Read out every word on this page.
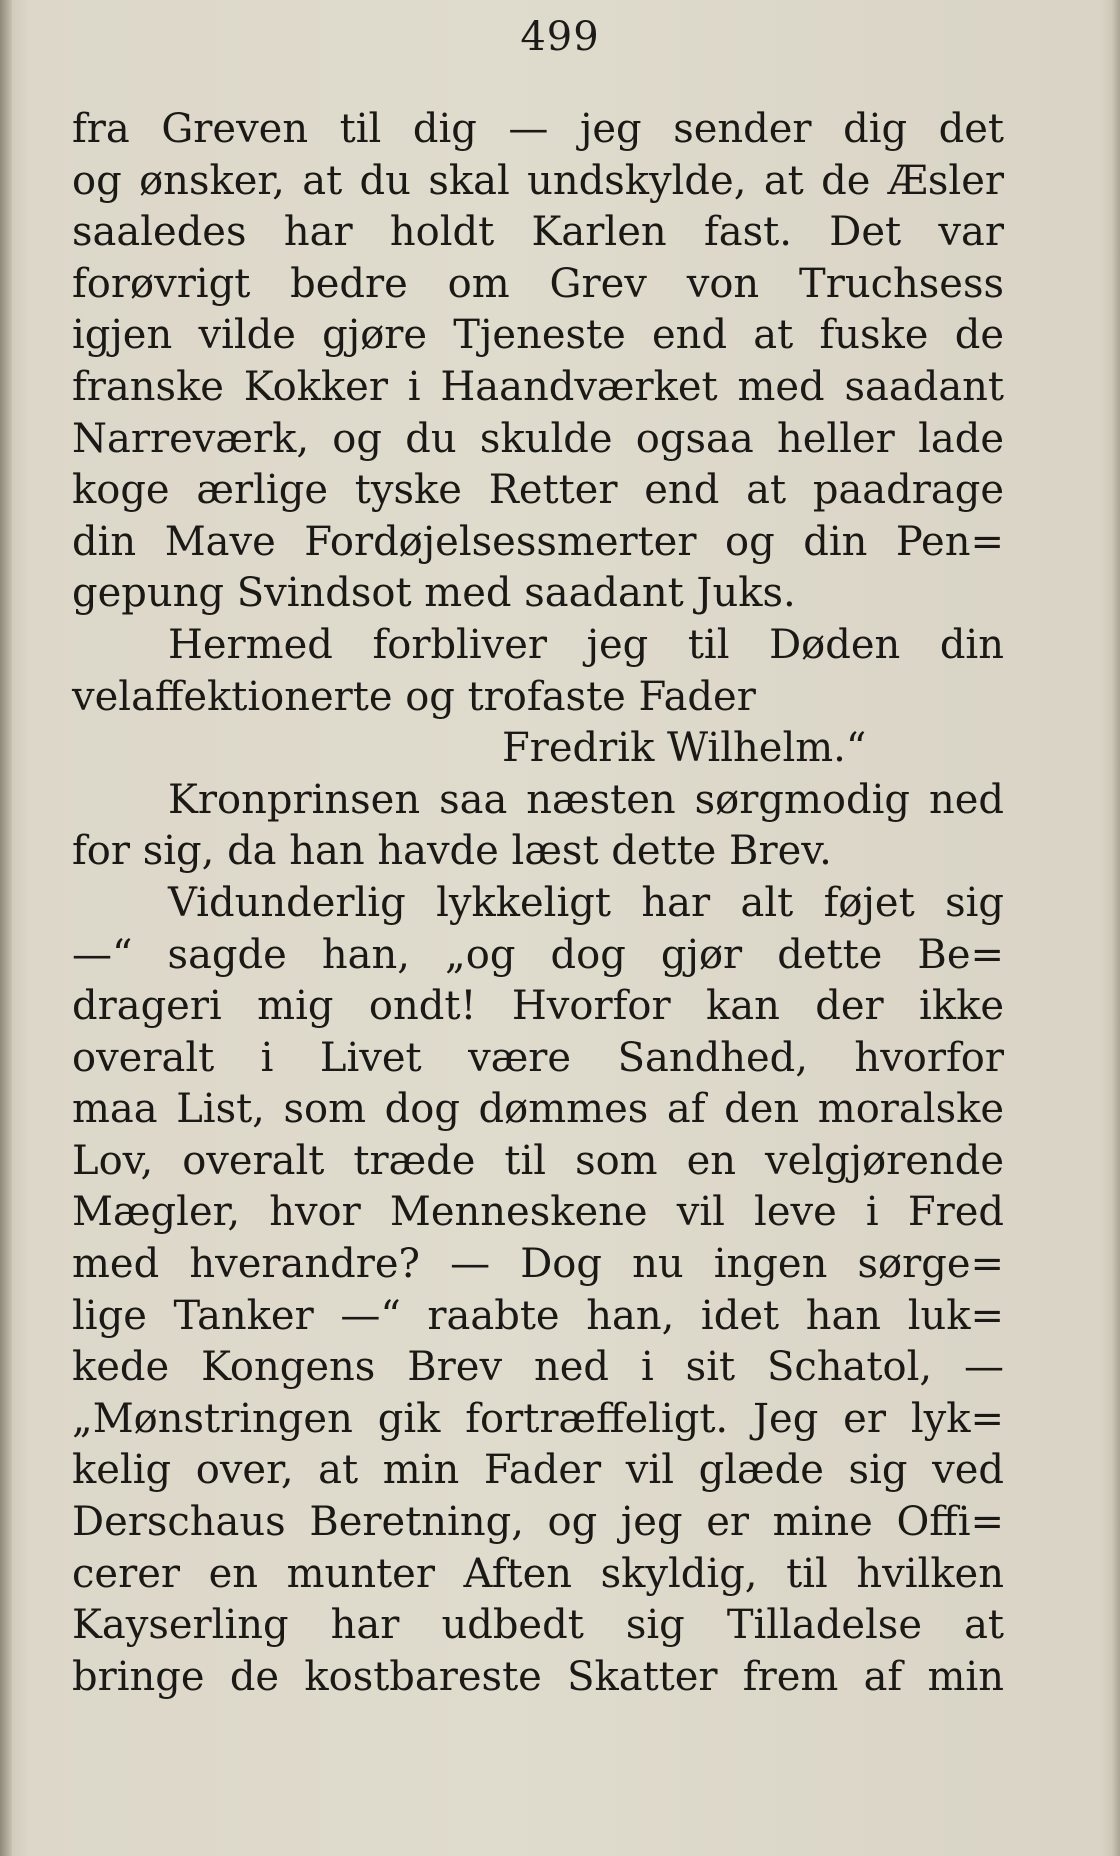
499
fra Greven til dig — jeg sender dig det
og ønsker, at du skal undskylde, at de Æsler
saaledes har holdt Karlen fast. Det var
forøvrigt bedre om Grev von Truchsess
igjen vilde gjøre Tjeneste end at fuske de
franske Kokker i Haandværket med saadant
Narreværk, og du skulde ogsaa heller lade
koge ærlige tyske Retter end at paadrage
din Mave Fordøjelsessmerter og din Pen=
gepung Svindsot med saadant Juks.
Hermed forbliver jeg til Døden din
velaffektionerte og trofaste Fader
Fredrik Wilhelm.“
Kronprinsen saa næsten sørgmodig ned
for sig, da han havde læst dette Brev.
Vidunderlig lykkeligt har alt føjet sig
—“ sagde han, „og dog gjør dette Be=
drageri mig ondt! Hvorfor kan der ikke
overalt i Livet være Sandhed, hvorfor
maa List, som dog dømmes af den moralske
Lov, overalt træde til som en velgjørende
Mægler, hvor Menneskene vil leve i Fred
med hverandre? — Dog nu ingen sørge=
lige Tanker —“ raabte han, idet han luk=
kede Kongens Brev ned i sit Schatol, —
„Mønstringen gik fortræffeligt. Jeg er lyk=
kelig over, at min Fader vil glæde sig ved
Derschaus Beretning, og jeg er mine Offi=
cerer en munter Aften skyldig, til hvilken
Kayserling har udbedt sig Tilladelse at
bringe de kostbareste Skatter frem af min
